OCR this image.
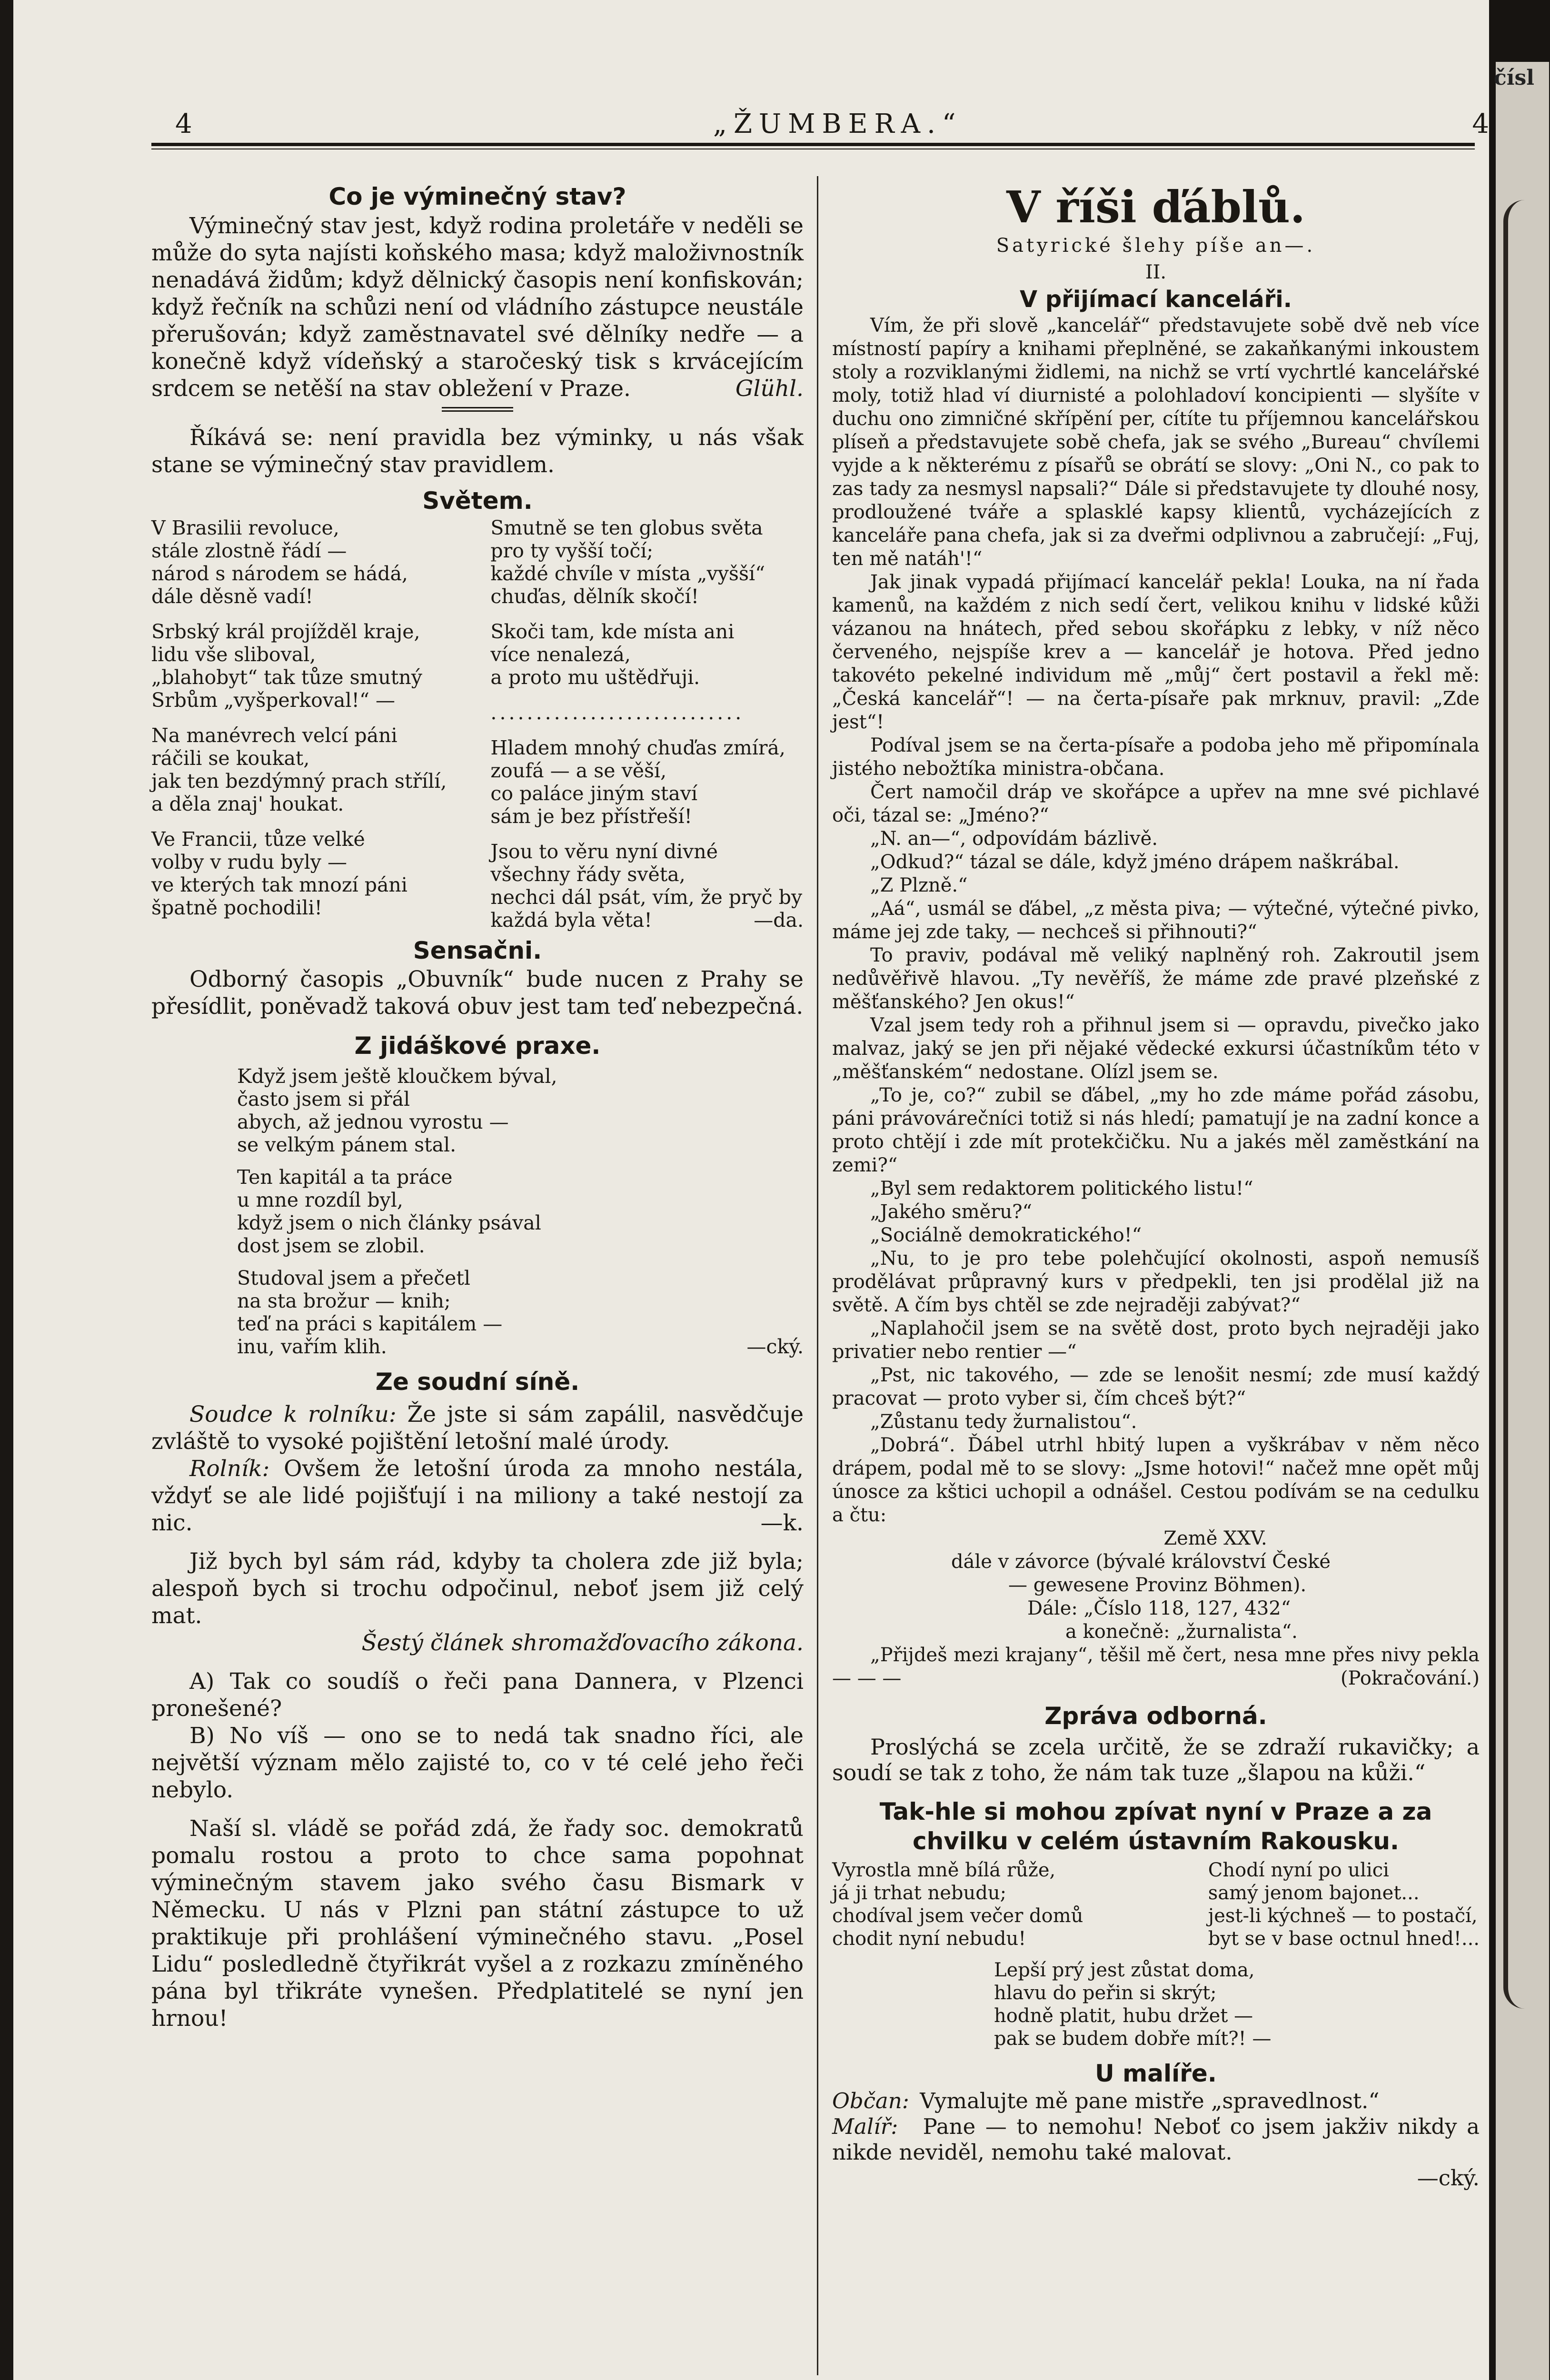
4	„ŽUMBERA.“	4
Co je výminečný stav?

Výminečný stav jest, když rodina proletáře v neděli se může do syta najísti koňského masa; když maloživnostník nenadává židům; když dělnický časopis není konfiskován; když řečník na schůzi není od vládního zástupce neustále přerušován; když zaměstnavatel své dělníky nedře — a konečně když vídeňský a staročeský tisk s krvácejícím srdcem se netěší na stav obležení v Praze.	Glühl.

Říkává se: není pravidla bez výminky, u nás však stane se výminečný stav pravidlem.

Světem.

V Brasilii revoluce,
stále zlostně řádí —
národ s národem se hádá,
dále děsně vadí!

Srbský král projížděl kraje,
lidu vše sliboval,
„blahobyt“ tak tůze smutný
Srbům „vyšperkoval!“ —

Na manévrech velcí páni
ráčili se koukat,
jak ten bezdýmný prach střílí,
a děla znaj' houkat.

Ve Francii, tůze velké
volby v rudu byly —
ve kterých tak mnozí páni
špatně pochodili!

Smutně se ten globus světa
pro ty vyšší točí;
každé chvíle v místa „vyšší“
chuďas, dělník skočí!

Skoči tam, kde místa ani
více nenalezá,
a proto mu uštědřuji.

............................

Hladem mnohý chuďas zmírá,
zoufá — a se věší,
co paláce jiným staví
sám je bez přístřeší!

Jsou to věru nyní divné
všechny řády světa,
nechci dál psát, vím, že pryč by
každá byla věta!	—da.

Sensačni.

Odborný časopis „Obuvník“ bude nucen z Prahy se přesídlit, poněvadž taková obuv jest tam teď nebezpečná.

Z jidáškové praxe.

Když jsem ještě kloučkem býval,
často jsem si přál
abych, až jednou vyrostu —
se velkým pánem stal.

Ten kapitál a ta práce
u mne rozdíl byl,
když jsem o nich články psával
dost jsem se zlobil.

Studoval jsem a přečetl
na sta brožur — knih;
teď na práci s kapitálem —
inu, vařím klih.	—cký.

Ze soudní síně.

Soudce k rolníku: Že jste si sám zapálil, nasvědčuje zvláště to vysoké pojištění letošní malé úrody.

Rolník: Ovšem že letošní úroda za mnoho nestála, vždyť se ale lidé pojišťují i na miliony a také nestojí za nic.	—k.

Již bych byl sám rád, kdyby ta cholera zde již byla; alespoň bych si trochu odpočinul, neboť jsem již celý mat.

Šestý článek shromažďovacího zákona.

A) Tak co soudíš o řeči pana Dannera, v Plzenci pronešené?

B) No víš — ono se to nedá tak snadno říci, ale největší význam mělo zajisté to, co v té celé jeho řeči nebylo.

Naší sl. vládě se pořád zdá, že řady soc. demokratů pomalu rostou a proto to chce sama popohnat výminečným stavem jako svého času Bismark v Německu. U nás v Plzni pan státní zástupce to už praktikuje při prohlášení výminečného stavu. „Posel Lidu“ posledledně čtyřikrát vyšel a z rozkazu zmíněného pána byl třikráte vynešen. Předplatitelé se nyní jen hrnou!

V říši ďáblů.

Satyrické šlehy píše an—.

II.

V přijímací kanceláři.

Vím, že při slově „kancelář“ představujete sobě dvě neb více místností papíry a knihami přeplněné, se zakaňkanými inkoustem stoly a rozviklanými židlemi, na nichž se vrtí vychrtlé kancelářské moly, totiž hlad ví diurnisté a polohladoví koncipienti — slyšíte v duchu ono zimničné skřípění per, cítíte tu příjemnou kancelářskou plíseň a představujete sobě chefa, jak se svého „Bureau“ chvílemi vyjde a k některému z písařů se obrátí se slovy: „Oni N., co pak to zas tady za nesmysl napsali?“ Dále si představujete ty dlouhé nosy, prodloužené tváře a splasklé kapsy klientů, vycházejících z kanceláře pana chefa, jak si za dveřmi odplivnou a zabručejí: „Fuj, ten mě natáh'!“

Jak jinak vypadá přijímací kancelář pekla! Louka, na ní řada kamenů, na každém z nich sedí čert, velikou knihu v lidské kůži vázanou na hnátech, před sebou skořápku z lebky, v níž něco červeného, nejspíše krev a — kancelář je hotova. Před jedno takovéto pekelné individum mě „můj“ čert postavil a řekl mě: „Česká kancelář“! — na čerta-písaře pak mrknuv, pravil: „Zde jest“!

Podíval jsem se na čerta-písaře a podoba jeho mě připomínala jistého nebožtíka ministra-občana.

Čert namočil dráp ve skořápce a upřev na mne své pichlavé oči, tázal se: „Jméno?“

„N. an—“, odpovídám bázlivě.

„Odkud?“ tázal se dále, když jméno drápem naškrábal.

„Z Plzně.“

„Aá“, usmál se ďábel, „z města piva; — výtečné, výtečné pivko, máme jej zde taky, — nechceš si přihnouti?“

To praviv, podával mě veliký naplněný roh. Zakroutil jsem nedůvěřivě hlavou. „Ty nevěříš, že máme zde pravé plzeňské z měšťanského? Jen okus!“

Vzal jsem tedy roh a přihnul jsem si — opravdu, pivečko jako malvaz, jaký se jen při nějaké vědecké exkursi účastníkům této v „měšťanském“ nedostane. Olízl jsem se.

„To je, co?“ zubil se ďábel, „my ho zde máme pořád zásobu, páni právovárečníci totiž si nás hledí; pamatují je na zadní konce a proto chtějí i zde mít protekčičku. Nu a jakés měl zaměstkání na zemi?“

„Byl sem redaktorem politického listu!“

„Jakého směru?“

„Sociálně demokratického!“

„Nu, to je pro tebe polehčující okolnosti, aspoň nemusíš prodělávat průpravný kurs v předpekli, ten jsi prodělal již na světě. A čím bys chtěl se zde nejraději zabývat?“

„Naplahočil jsem se na světě dost, proto bych nejraději jako privatier nebo rentier —“

„Pst, nic takového, — zde se lenošit nesmí; zde musí každý pracovat — proto vyber si, čím chceš být?“

„Zůstanu tedy žurnalistou“.

„Dobrá“. Ďábel utrhl hbitý lupen a vyškrábav v něm něco drápem, podal mě to se slovy: „Jsme hotovi!“ načež mne opět můj únosce za kštici uchopil a odnášel. Cestou podívám se na cedulku a čtu:

Země XXV.

dále v závorce (bývalé království České

— gewesene Provinz Böhmen).

Dále: „Číslo 118, 127, 432“

a konečně: „žurnalista“.

„Přijdeš mezi krajany“, těšil mě čert, nesa mne přes nivy pekla — — —	(Pokračování.)

Zpráva odborná.

Proslýchá se zcela určitě, že se zdraží rukavičky; a soudí se tak z toho, že nám tak tuze „šlapou na kůži.“

Tak-hle si mohou zpívat nyní v Praze a za chvilku v celém ústavním Rakousku.

Vyrostla mně bílá růže,
já ji trhat nebudu;
chodíval jsem večer domů
chodit nyní nebudu!

Chodí nyní po ulici
samý jenom bajonet...
jest-li kýchneš — to postačí,
byt se v base octnul hned!...

Lepší prý jest zůstat doma,
hlavu do peřin si skrýt;
hodně platit, hubu držet —
pak se budem dobře mít?! —

U malíře.

Občan: Vymalujte mě pane mistře „spravedlnost.“

Malíř: Pane — to nemohu! Neboť co jsem jakživ nikdy a nikde neviděl, nemohu také malovat.

—cký.

čísl
